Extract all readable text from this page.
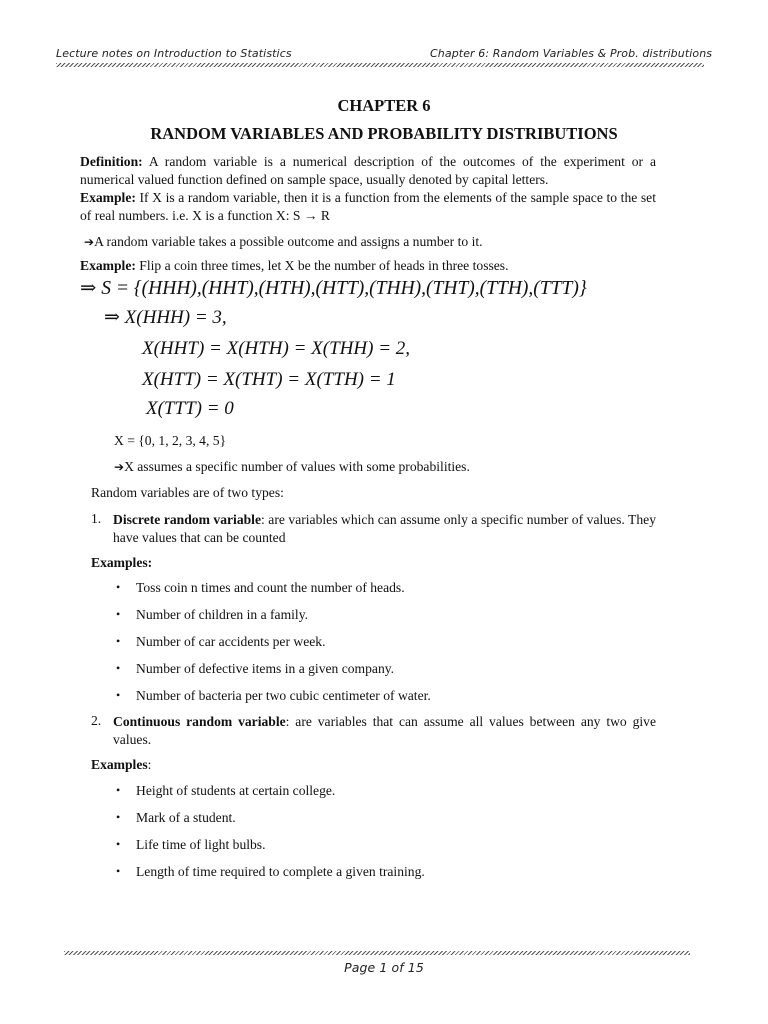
Lecture notes on Introduction to Statistics	Chapter 6: Random Variables & Prob. distributions
CHAPTER 6
RANDOM VARIABLES AND PROBABILITY DISTRIBUTIONS
Definition: A random variable is a numerical description of the outcomes of the experiment or a numerical valued function defined on sample space, usually denoted by capital letters.
Example: If X is a random variable, then it is a function from the elements of the sample space to the set of real numbers. i.e. X is a function X: S → R
➔A random variable takes a possible outcome and assigns a number to it.
Example: Flip a coin three times, let X be the number of heads in three tosses.
⇒ S = {(HHH),(HHT),(HTH),(HTT),(THH),(THT),(TTH),(TTT)}
⇒ X(HHH) = 3,
X(HHT) = X(HTH) = X(THH) = 2,
X(HTT) = X(THT) = X(TTH) = 1
X(TTT) = 0
X = {0, 1, 2, 3, 4, 5}
➔X assumes a specific number of values with some probabilities.
Random variables are of two types:
1. Discrete random variable: are variables which can assume only a specific number of values. They have values that can be counted
Examples:
• Toss coin n times and count the number of heads.
• Number of children in a family.
• Number of car accidents per week.
• Number of defective items in a given company.
• Number of bacteria per two cubic centimeter of water.
2. Continuous random variable: are variables that can assume all values between any two give values.
Examples:
• Height of students at certain college.
• Mark of a student.
• Life time of light bulbs.
• Length of time required to complete a given training.
Page 1 of 15
